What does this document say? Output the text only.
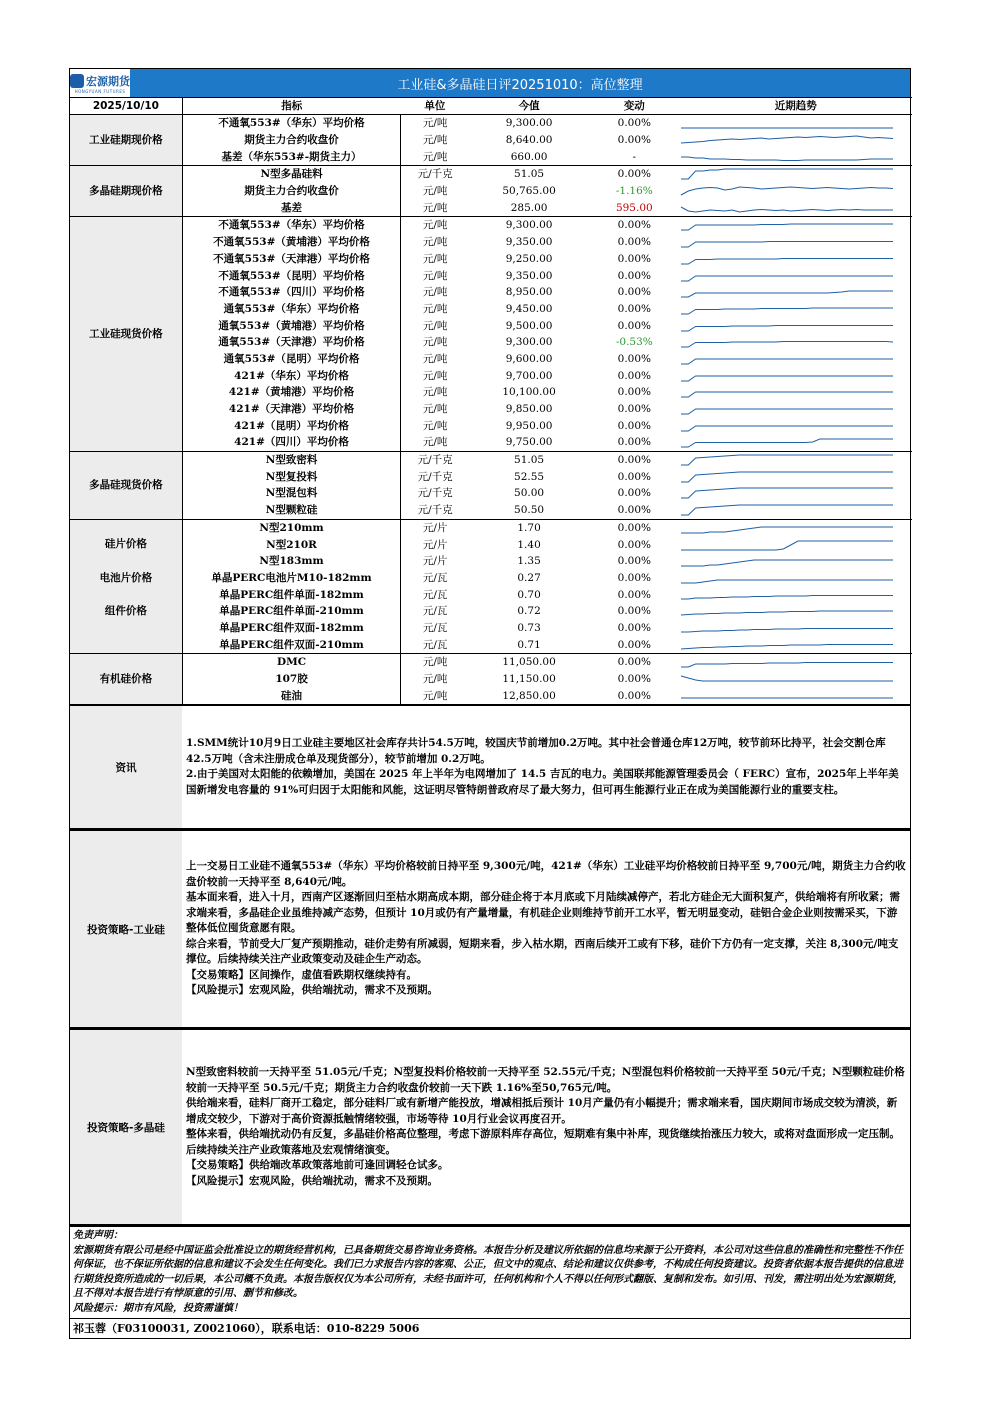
宏源期货
HONGYUAN FUTURES	工业硅&多晶硅日评20251010：高位整理
2025/10/10	指标	单位	今值	变动	近期趋势
工业硅期现价格	不通氧553#（华东）平均价格	元/吨	9,300.00	0.00%	

	期货主力合约收盘价	元/吨	8,640.00	0.00%	

	基差（华东553#-期货主力）	元/吨	660.00	-	

多晶硅期现价格	N型多晶硅料	元/千克	51.05	0.00%	

	期货主力合约收盘价	元/吨	50,765.00	-1.16%	

	基差	元/吨	285.00	595.00	

工业硅现货价格	不通氧553#（华东）平均价格	元/吨	9,300.00	0.00%	

	不通氧553#（黄埔港）平均价格	元/吨	9,350.00	0.00%	

	不通氧553#（天津港）平均价格	元/吨	9,250.00	0.00%	

	不通氧553#（昆明）平均价格	元/吨	9,350.00	0.00%	

	不通氧553#（四川）平均价格	元/吨	8,950.00	0.00%	

	通氧553#（华东）平均价格	元/吨	9,450.00	0.00%	

	通氧553#（黄埔港）平均价格	元/吨	9,500.00	0.00%	

	通氧553#（天津港）平均价格	元/吨	9,300.00	-0.53%	

	通氧553#（昆明）平均价格	元/吨	9,600.00	0.00%	

	421#（华东）平均价格	元/吨	9,700.00	0.00%	

	421#（黄埔港）平均价格	元/吨	10,100.00	0.00%	

	421#（天津港）平均价格	元/吨	9,850.00	0.00%	

	421#（昆明）平均价格	元/吨	9,950.00	0.00%	

	421#（四川）平均价格	元/吨	9,750.00	0.00%	

多晶硅现货价格	N型致密料	元/千克	51.05	0.00%	

	N型复投料	元/千克	52.55	0.00%	

	N型混包料	元/千克	50.00	0.00%	

	N型颗粒硅	元/千克	50.50	0.00%	

硅片价格
电池片价格
组件价格	N型210mm	元/片	1.70	0.00%	

	N型210R	元/片	1.40	0.00%	

	N型183mm	元/片	1.35	0.00%	

	单晶PERC电池片M10-182mm	元/瓦	0.27	0.00%	

	单晶PERC组件单面-182mm	元/瓦	0.70	0.00%	

	单晶PERC组件单面-210mm	元/瓦	0.72	0.00%	

	单晶PERC组件双面-182mm	元/瓦	0.73	0.00%	

	单晶PERC组件双面-210mm	元/瓦	0.71	0.00%	

有机硅价格	DMC	元/吨	11,050.00	0.00%	

	107胶	元/吨	11,150.00	0.00%	

	硅油	元/吨	12,850.00	0.00%	
资讯

1.SMM统计10月9日工业硅主要地区社会库存共计54.5万吨，较国庆节前增加0.2万吨。其中社会普通仓库12万吨，较节前环比持平，社会交割仓库42.5万吨（含未注册成仓单及现货部分），较节前增加 0.2万吨。

2.由于美国对太阳能的依赖增加，美国在 2025 年上半年为电网增加了 14.5 吉瓦的电力。美国联邦能源管理委员会（ FERC）宣布，2025年上半年美国新增发电容量的 91%可归因于太阳能和风能，这证明尽管特朗普政府尽了最大努力，但可再生能源行业正在成为美国能源行业的重要支柱。

投资策略-工业硅

上一交易日工业硅不通氧553#（华东）平均价格较前日持平至 9,300元/吨，421#（华东）工业硅平均价格较前日持平至 9,700元/吨，期货主力合约收盘价较前一天持平至 8,640元/吨。

基本面来看，进入十月，西南产区逐渐回归至枯水期高成本期，部分硅企将于本月底或下月陆续减停产，若北方硅企无大面积复产，供给端将有所收紧；需求端来看，多晶硅企业虽维持减产态势，但预计 10月或仍有产量增量，有机硅企业则维持节前开工水平，暂无明显变动，硅铝合金企业则按需采买，下游整体低位囤货意愿有限。

综合来看，节前受大厂复产预期推动，硅价走势有所减弱，短期来看，步入枯水期，西南后续开工或有下移，硅价下方仍有一定支撑，关注 8,300元/吨支撑位。后续持续关注产业政策变动及硅企生产动态。

【交易策略】区间操作，虚值看跌期权继续持有。

【风险提示】宏观风险，供给端扰动，需求不及预期。

投资策略-多晶硅

N型致密料较前一天持平至 51.05元/千克；N型复投料价格较前一天持平至 52.55元/千克；N型混包料价格较前一天持平至 50元/千克；N型颗粒硅价格较前一天持平至 50.5元/千克；期货主力合约收盘价较前一天下跌 1.16%至50,765元/吨。

供给端来看，硅料厂商开工稳定，部分硅料厂或有新增产能投放，增减相抵后预计 10月产量仍有小幅提升；需求端来看，国庆期间市场成交较为清淡，新增成交较少，下游对于高价资源抵触情绪较强，市场等待 10月行业会议再度召开。

整体来看，供给端扰动仍有反复，多晶硅价格高位整理，考虑下游原料库存高位，短期难有集中补库，现货继续抬涨压力较大，或将对盘面形成一定压制。后续持续关注产业政策落地及宏观情绪演变。

【交易策略】供给端改革政策落地前可逢回调轻仓试多。

【风险提示】宏观风险，供给端扰动，需求不及预期。

免责声明：

宏源期货有限公司是经中国证监会批准设立的期货经营机构，已具备期货交易咨询业务资格。本报告分析及建议所依据的信息均来源于公开资料，本公司对这些信息的准确性和完整性不作任何保证，也不保证所依据的信息和建议不会发生任何变化。我们已力求报告内容的客观、公正，但文中的观点、结论和建议仅供参考，不构成任何投资建议。投资者依据本报告提供的信息进行期货投资所造成的一切后果，本公司概不负责。本报告版权仅为本公司所有，未经书面许可，任何机构和个人不得以任何形式翻版、复制和发布。如引用、刊发，需注明出处为宏源期货，且不得对本报告进行有悖原意的引用、删节和修改。

风险提示：期市有风险，投资需谨慎！

祁玉蓉（F03100031, Z0021060），联系电话：010-8229 5006
